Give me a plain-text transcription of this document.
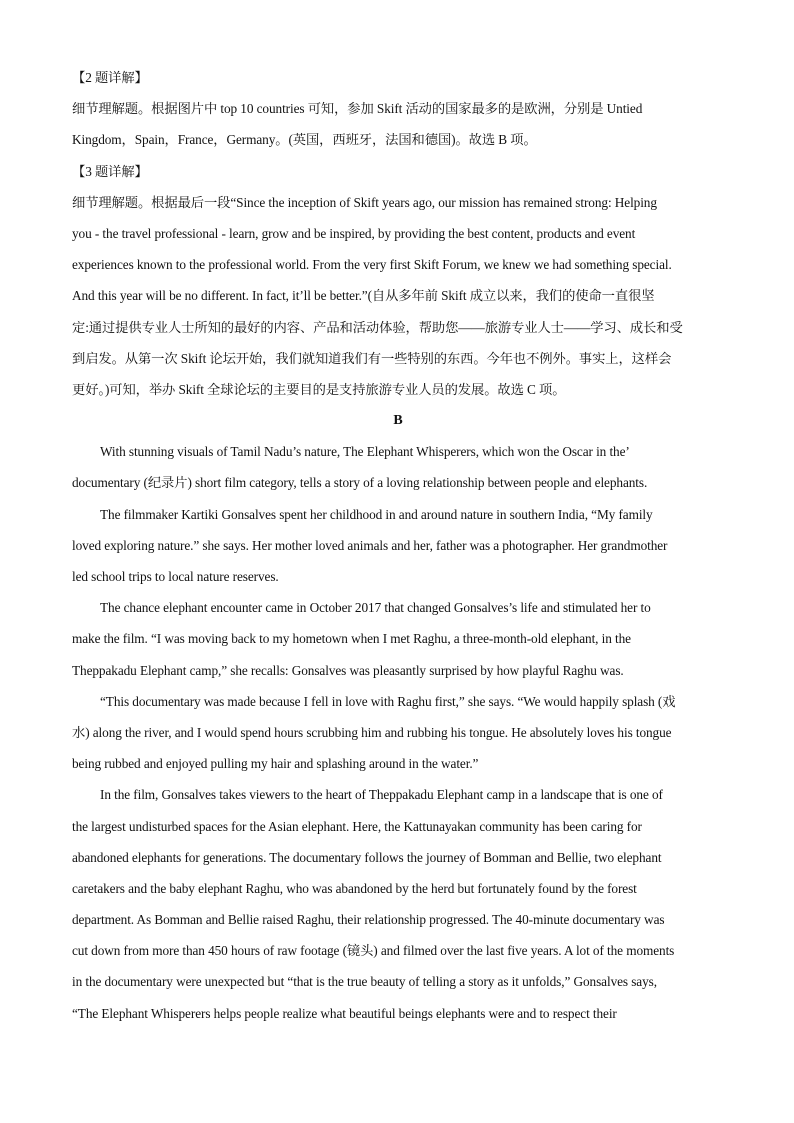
【2 题详解】
细节理解题。根据图片中 top 10 countries 可知，参加 Skift 活动的国家最多的是欧洲，分别是 Untied
Kingdom，Spain，France，Germany。(英国，西班牙，法国和德国)。故选 B 项。
【3 题详解】
细节理解题。根据最后一段“Since the inception of Skift years ago, our mission has remained strong: Helping
you - the travel professional - learn, grow and be inspired, by providing the best content, products and event
experiences known to the professional world. From the very first Skift Forum, we knew we had something special.
And this year will be no different. In fact, it’ll be better.”(自从多年前 Skift 成立以来，我们的使命一直很坚
定:通过提供专业人士所知的最好的内容、产品和活动体验，帮助您——旅游专业人士——学习、成长和受
到启发。从第一次 Skift 论坛开始，我们就知道我们有一些特别的东西。今年也不例外。事实上，这样会
更好。)可知，举办 Skift 全球论坛的主要目的是支持旅游专业人员的发展。故选 C 项。
B
With stunning visuals of Tamil Nadu’s nature, The Elephant Whisperers, which won the Oscar in the’
documentary (纪录片) short film category, tells a story of a loving relationship between people and elephants.
The filmmaker Kartiki Gonsalves spent her childhood in and around nature in southern India, “My family
loved exploring nature.” she says. Her mother loved animals and her, father was a photographer. Her grandmother
led school trips to local nature reserves.
The chance elephant encounter came in October 2017 that changed Gonsalves’s life and stimulated her to
make the film. “I was moving back to my hometown when I met Raghu, a three-month-old elephant, in the
Theppakadu Elephant camp,” she recalls: Gonsalves was pleasantly surprised by how playful Raghu was.
“This documentary was made because I fell in love with Raghu first,” she says. “We would happily splash (戏
水) along the river, and I would spend hours scrubbing him and rubbing his tongue. He absolutely loves his tongue
being rubbed and enjoyed pulling my hair and splashing around in the water.”
In the film, Gonsalves takes viewers to the heart of Theppakadu Elephant camp in a landscape that is one of
the largest undisturbed spaces for the Asian elephant. Here, the Kattunayakan community has been caring for
abandoned elephants for generations. The documentary follows the journey of Bomman and Bellie, two elephant
caretakers and the baby elephant Raghu, who was abandoned by the herd but fortunately found by the forest
department. As Bomman and Bellie raised Raghu, their relationship progressed. The 40-minute documentary was
cut down from more than 450 hours of raw footage (镜头) and filmed over the last five years. A lot of the moments
in the documentary were unexpected but “that is the true beauty of telling a story as it unfolds,” Gonsalves says,
“The Elephant Whisperers helps people realize what beautiful beings elephants were and to respect their
